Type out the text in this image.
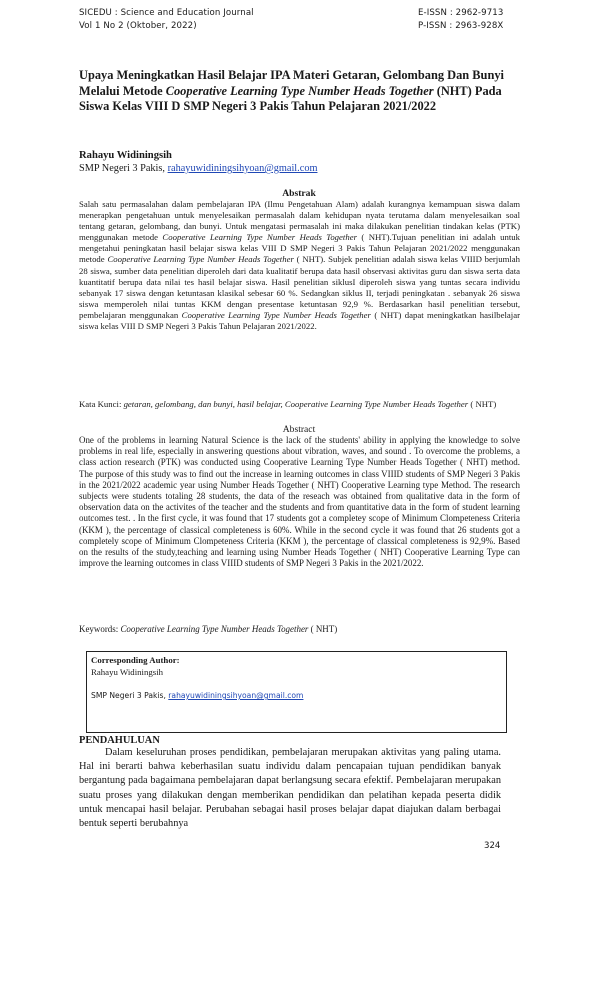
SICEDU : Science and Education Journal
Vol 1 No 2 (Oktober, 2022)
E-ISSN : 2962-9713
P-ISSN : 2963-928X
Upaya Meningkatkan Hasil Belajar IPA Materi Getaran, Gelombang Dan Bunyi Melalui Metode Cooperative Learning Type Number Heads Together (NHT) Pada Siswa Kelas VIII D SMP Negeri 3 Pakis Tahun Pelajaran 2021/2022
Rahayu Widiningsih
SMP Negeri 3 Pakis, rahayuwidiningsihyoan@gmail.com
Abstrak
Salah satu permasalahan dalam pembelajaran IPA (Ilmu Pengetahuan Alam) adalah kurangnya kemampuan siswa dalam menerapkan pengetahuan untuk menyelesaikan permasalah dalam kehidupan nyata terutama dalam menyelesaikan soal tentang getaran, gelombang, dan bunyi. Untuk mengatasi permasalah ini maka dilakukan penelitian tindakan kelas (PTK) menggunakan metode Cooperative Learning Type Number Heads Together ( NHT).Tujuan penelitian ini adalah untuk mengetahui peningkatan hasil belajar siswa kelas VIII D SMP Negeri 3 Pakis Tahun Pelajaran 2021/2022 menggunakan metode Cooperative Learning Type Number Heads Together ( NHT). Subjek penelitian adalah siswa kelas VIIID berjumlah 28 siswa, sumber data penelitian diperoleh dari data kualitatif berupa data hasil observasi aktivitas guru dan siswa serta data kuantitatif berupa data nilai tes hasil belajar siswa. Hasil penelitian siklusI diperoleh siswa yang tuntas secara individu sebanyak 17 siswa dengan ketuntasan klasikal sebesar 60 %. Sedangkan siklus II, terjadi peningkatan . sebanyak 26 siswa siswa memperoleh nilai tuntas KKM dengan presentase ketuntasan 92,9 %. Berdasarkan hasil penelitian tersebut, pembelajaran menggunakan Cooperative Learning Type Number Heads Together ( NHT) dapat meningkatkan hasilbelajar siswa kelas VIII D SMP Negeri 3 Pakis Tahun Pelajaran 2021/2022.
Kata Kunci: getaran, gelombang, dan bunyi, hasil belajar, Cooperative Learning Type Number Heads Together ( NHT)
Abstract
One of the problems in learning Natural Science is the lack of the students' ability in applying the knowledge to solve problems in real life, especially in answering questions about vibration, waves, and sound . To overcome the problems, a class action research (PTK) was conducted using Cooperative Learning Type Number Heads Together ( NHT) method. The purpose of this study was to find out the increase in learning outcomes in class VIIID students of SMP Negeri 3 Pakis in the 2021/2022 academic year using Number Heads Together ( NHT) Cooperative Learning type Method. The research subjects were students totaling 28 students, the data of the reseach was obtained from qualitative data in the form of observation data on the activites of the teacher and the students and from quantitative data in the form of student learning outcomes test. . In the first cycle, it was found that 17 students got a completey scope of Minimum Clompeteness Criteria (KKM ), the percentage of classical completeness is 60%. While in the second cycle it was found that 26 students got a completely scope of Minimum Clompeteness Criteria (KKM ), the percentage of classical completeness is 92,9%. Based on the results of the study,teaching and learning using Number Heads Together ( NHT) Cooperative Learning Type can improve the learning outcomes in class VIIID students of SMP Negeri 3 Pakis in the 2021/2022.
Keywords: Cooperative Learning Type Number Heads Together ( NHT)
Corresponding Author:
Rahayu Widiningsih
SMP Negeri 3 Pakis, rahayuwidiningsihyoan@gmail.com
PENDAHULUAN
Dalam keseluruhan proses pendidikan, pembelajaran merupakan aktivitas yang paling utama. Hal ini berarti bahwa keberhasilan suatu individu dalam pencapaian tujuan pendidikan banyak bergantung pada bagaimana pembelajaran dapat berlangsung secara efektif. Pembelajaran merupakan suatu proses yang dilakukan dengan memberikan pendidikan dan pelatihan kepada peserta didik untuk mencapai hasil belajar. Perubahan sebagai hasil proses belajar dapat diajukan dalam berbagai bentuk seperti berubahnya
324
